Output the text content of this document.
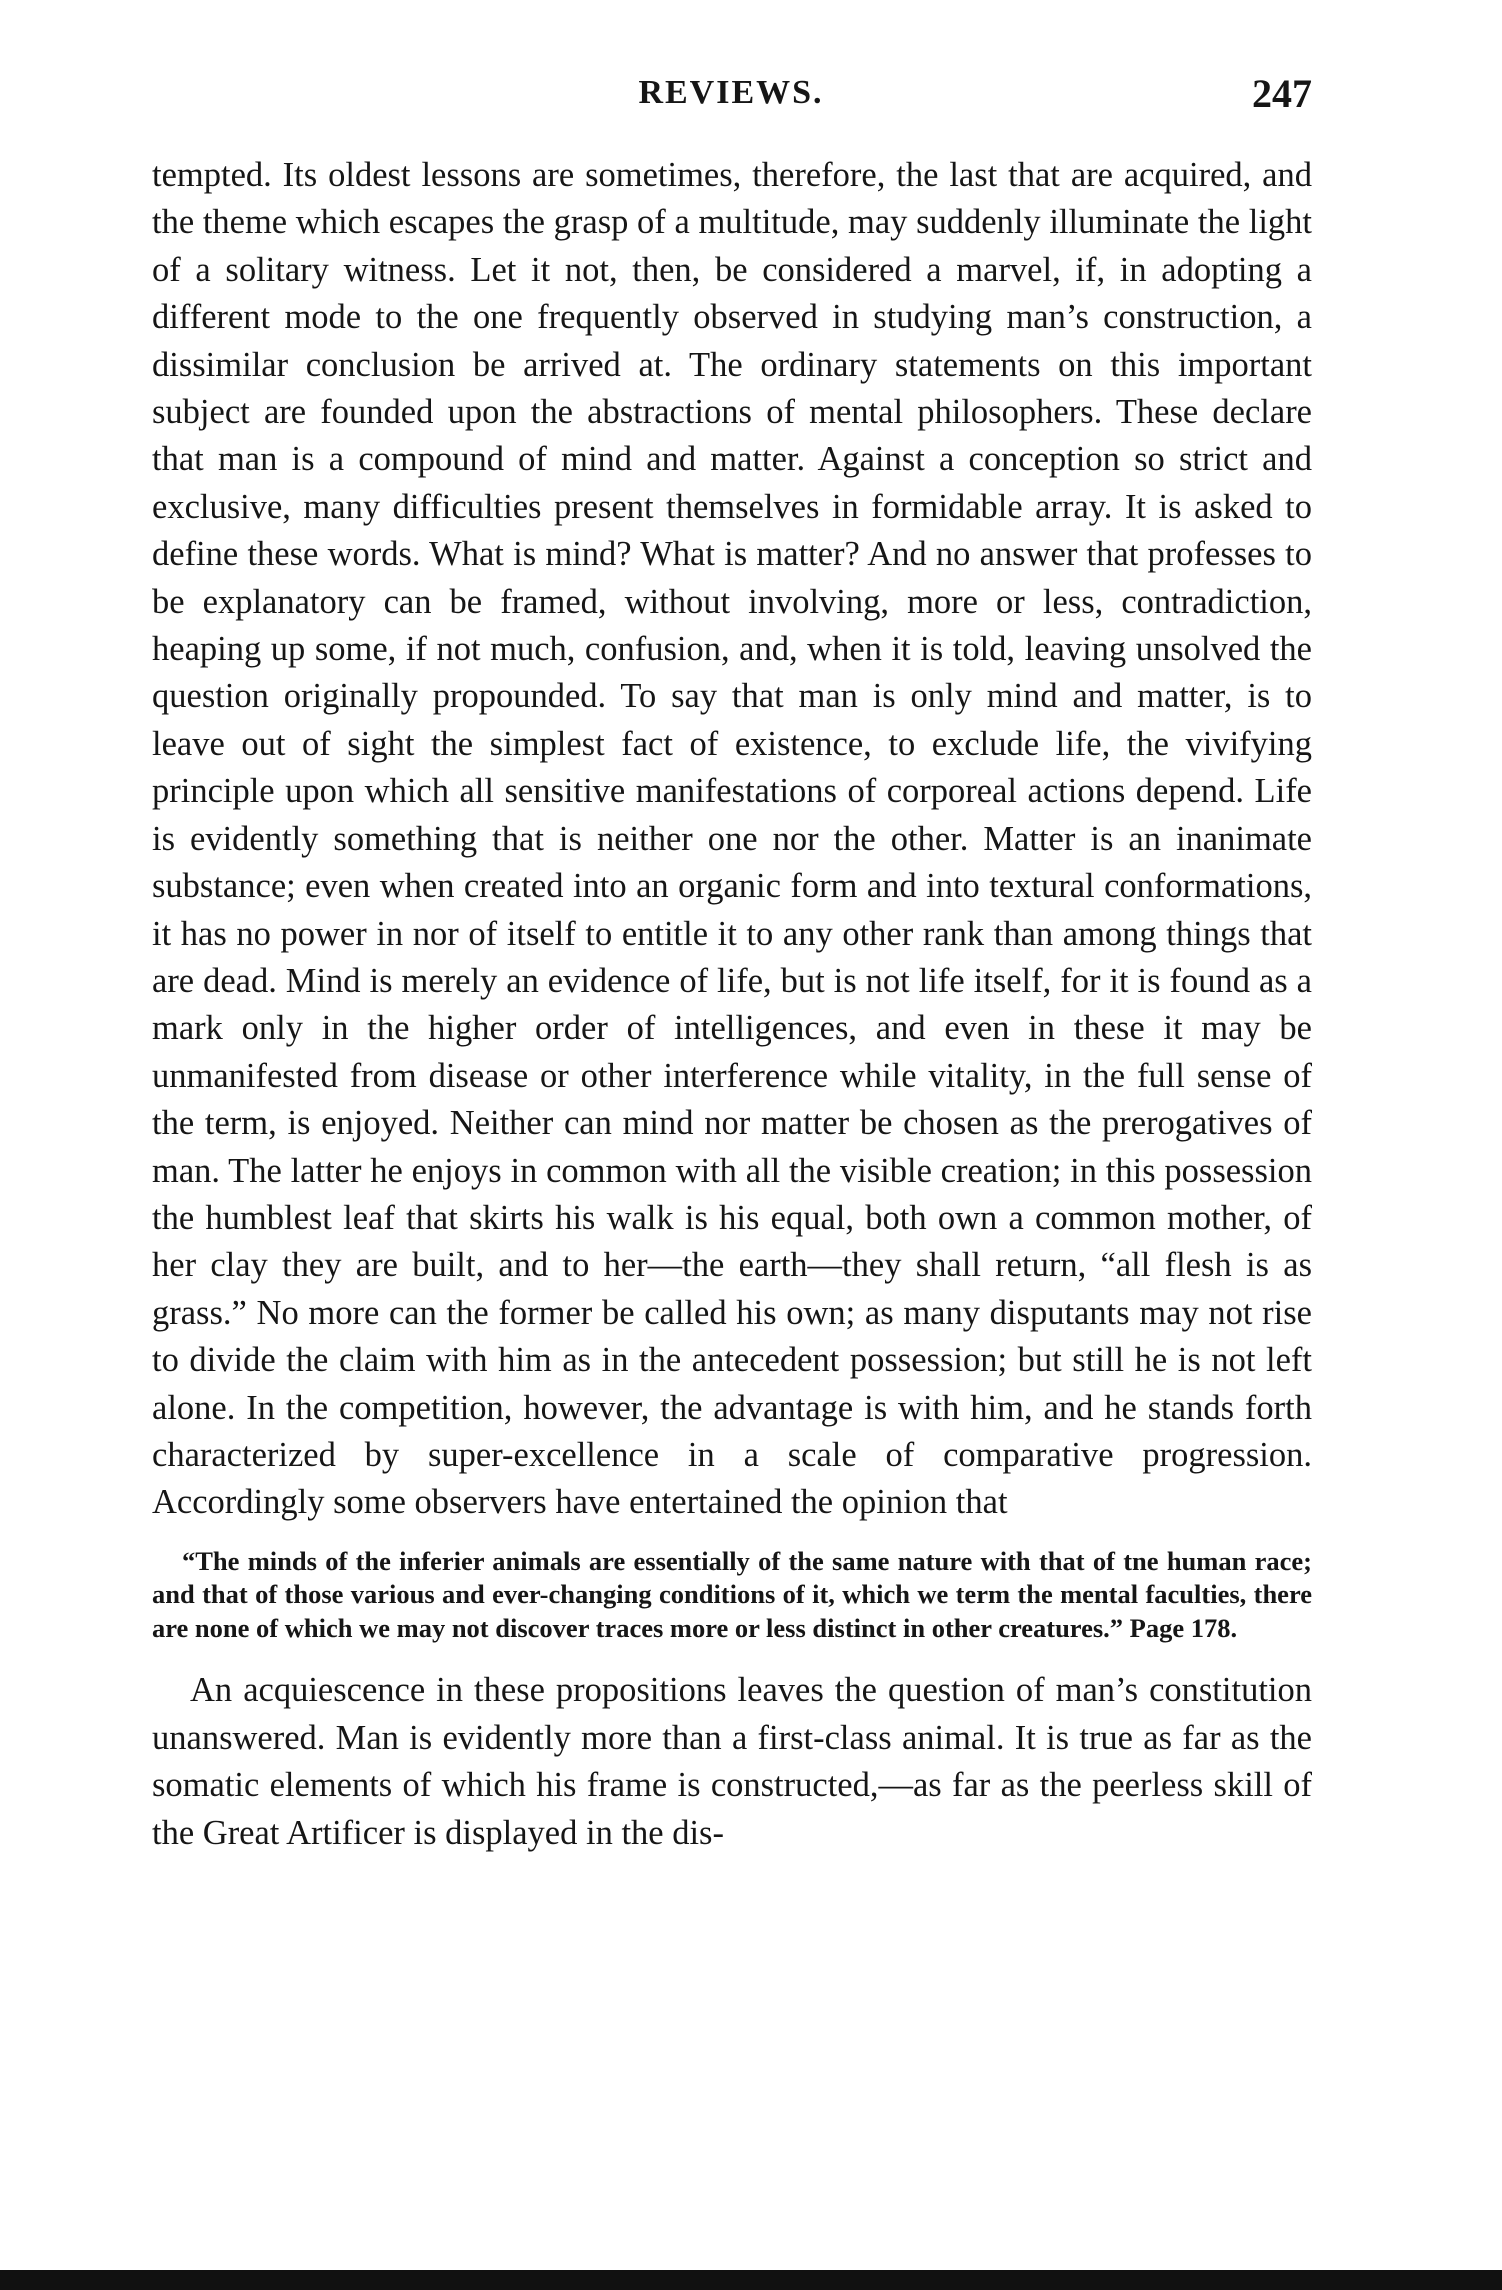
REVIEWS.	247

tempted. Its oldest lessons are sometimes, therefore, the last that are acquired, and the theme which escapes the grasp of a multitude, may suddenly illuminate the light of a solitary witness. Let it not, then, be considered a marvel, if, in adopting a different mode to the one frequently observed in studying man’s construction, a dissimilar conclusion be arrived at. The ordinary statements on this important subject are founded upon the abstractions of mental philosophers. These declare that man is a compound of mind and matter. Against a conception so strict and exclusive, many difficulties present themselves in formidable array. It is asked to define these words. What is mind? What is matter? And no answer that professes to be explanatory can be framed, without involving, more or less, contradiction, heaping up some, if not much, confusion, and, when it is told, leaving unsolved the question originally propounded. To say that man is only mind and matter, is to leave out of sight the simplest fact of existence, to exclude life, the vivifying principle upon which all sensitive manifestations of corporeal actions depend. Life is evidently something that is neither one nor the other. Matter is an inanimate substance; even when created into an organic form and into textural conformations, it has no power in nor of itself to entitle it to any other rank than among things that are dead. Mind is merely an evidence of life, but is not life itself, for it is found as a mark only in the higher order of intelligences, and even in these it may be unmanifested from disease or other interference while vitality, in the full sense of the term, is enjoyed. Neither can mind nor matter be chosen as the prerogatives of man. The latter he enjoys in common with all the visible creation; in this possession the humblest leaf that skirts his walk is his equal, both own a common mother, of her clay they are built, and to her—the earth—they shall return, “all flesh is as grass.” No more can the former be called his own; as many disputants may not rise to divide the claim with him as in the antecedent possession; but still he is not left alone. In the competition, however, the advantage is with him, and he stands forth characterized by super-excellence in a scale of comparative progression. Accordingly some observers have entertained the opinion that

“The minds of the inferier animals are essentially of the same nature with that of tne human race; and that of those various and ever-changing conditions of it, which we term the mental faculties, there are none of which we may not discover traces more or less distinct in other creatures.” Page 178.

An acquiescence in these propositions leaves the question of man’s constitution unanswered. Man is evidently more than a first-class animal. It is true as far as the somatic elements of which his frame is constructed,—as far as the peerless skill of the Great Artificer is displayed in the dis-
